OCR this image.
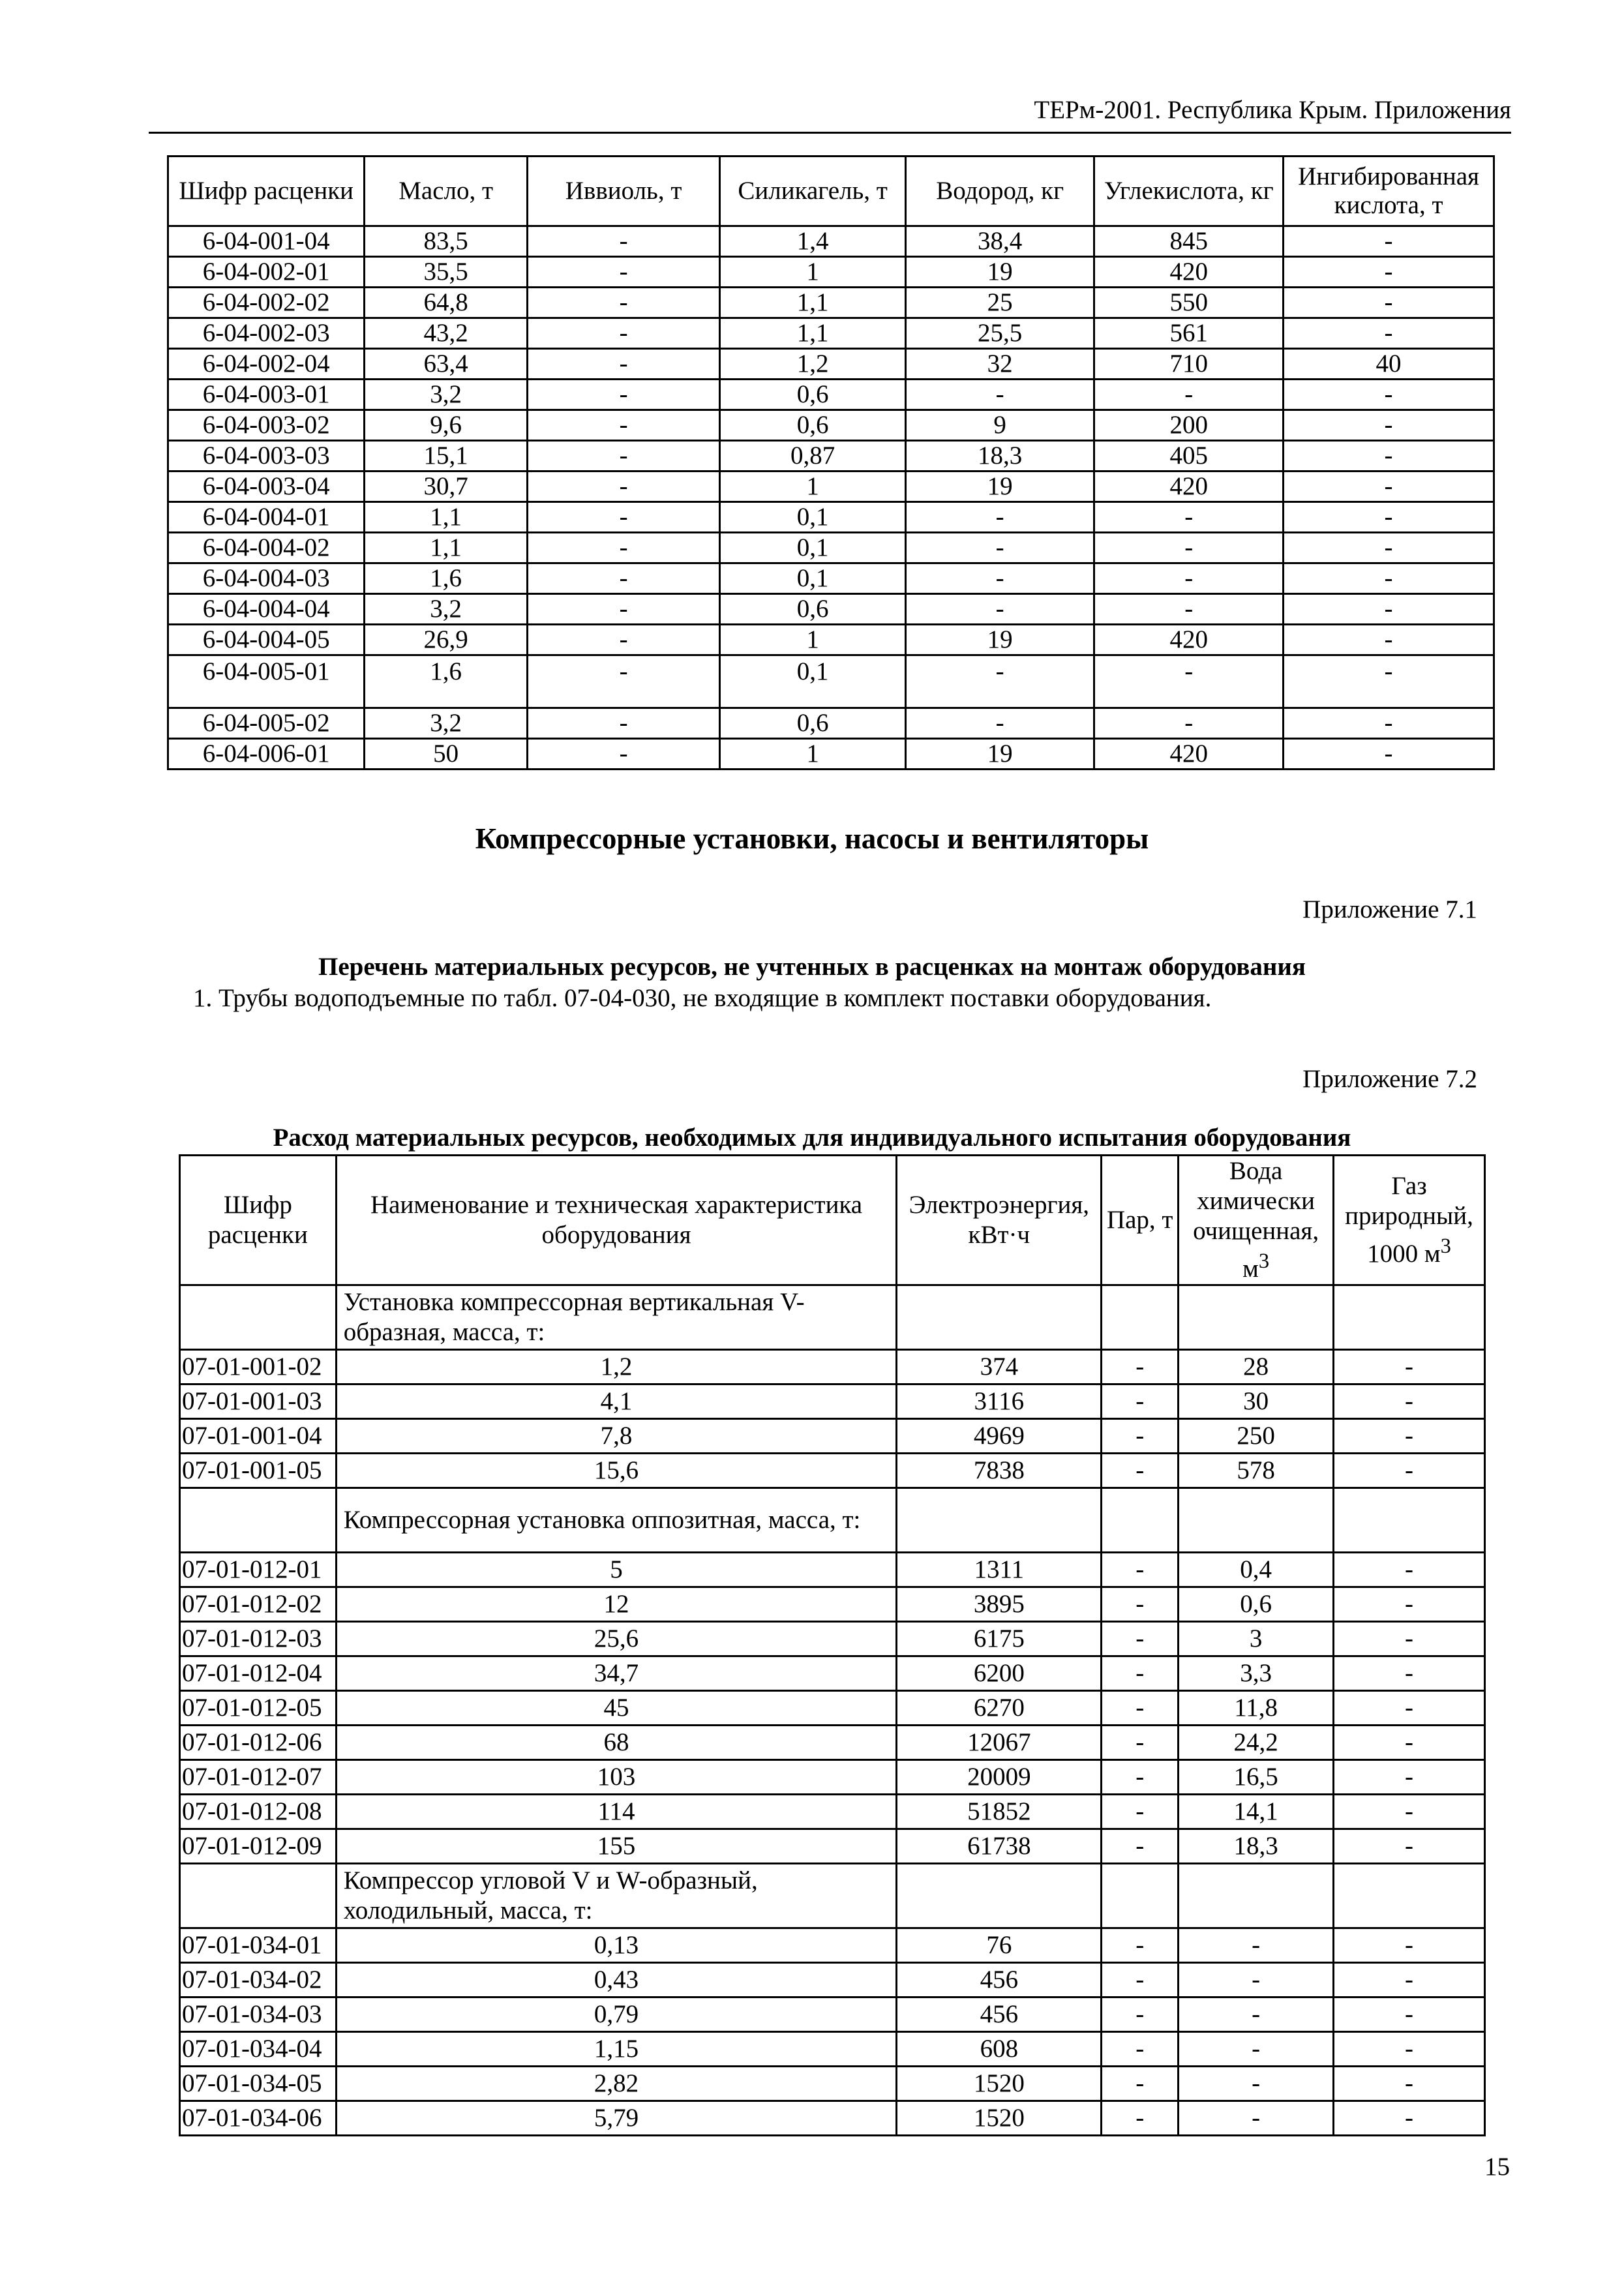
ТЕРм-2001. Республика Крым. Приложения
Шифр расценки	Масло, т	Иввиоль, т	Силикагель, т	Водород, кг	Углекислота, кг	Ингибированная кислота, т
6-04-001-04	83,5	-	1,4	38,4	845	-
6-04-002-01	35,5	-	1	19	420	-
6-04-002-02	64,8	-	1,1	25	550	-
6-04-002-03	43,2	-	1,1	25,5	561	-
6-04-002-04	63,4	-	1,2	32	710	40
6-04-003-01	3,2	-	0,6	-	-	-
6-04-003-02	9,6	-	0,6	9	200	-
6-04-003-03	15,1	-	0,87	18,3	405	-
6-04-003-04	30,7	-	1	19	420	-
6-04-004-01	1,1	-	0,1	-	-	-
6-04-004-02	1,1	-	0,1	-	-	-
6-04-004-03	1,6	-	0,1	-	-	-
6-04-004-04	3,2	-	0,6	-	-	-
6-04-004-05	26,9	-	1	19	420	-
6-04-005-01	1,6	-	0,1	-	-	-
6-04-005-02	3,2	-	0,6	-	-	-
6-04-006-01	50	-	1	19	420	-
Компрессорные установки, насосы и вентиляторы
Приложение 7.1
Перечень материальных ресурсов, не учтенных в расценках на монтаж оборудования
1. Трубы водоподъемные по табл. 07-04-030, не входящие в комплект поставки оборудования.
Приложение 7.2
Расход материальных ресурсов, необходимых для индивидуального испытания оборудования
Шифр расценки	Наименование и техническая характеристика оборудования	Электроэнергия, кВт·ч	Пар, т	Вода химически очищенная, $м^3$	Газ природный, 1000 $м^3$
	Установка компрессорная вертикальная V-образная, масса, т:				
07-01-001-02	1,2	374	-	28	-
07-01-001-03	4,1	3116	-	30	-
07-01-001-04	7,8	4969	-	250	-
07-01-001-05	15,6	7838	-	578	-
	Компрессорная установка оппозитная, масса, т:				
07-01-012-01	5	1311	-	0,4	-
07-01-012-02	12	3895	-	0,6	-
07-01-012-03	25,6	6175	-	3	-
07-01-012-04	34,7	6200	-	3,3	-
07-01-012-05	45	6270	-	11,8	-
07-01-012-06	68	12067	-	24,2	-
07-01-012-07	103	20009	-	16,5	-
07-01-012-08	114	51852	-	14,1	-
07-01-012-09	155	61738	-	18,3	-
	Компрессор угловой V и W-образный, холодильный, масса, т:				
07-01-034-01	0,13	76	-	-	-
07-01-034-02	0,43	456	-	-	-
07-01-034-03	0,79	456	-	-	-
07-01-034-04	1,15	608	-	-	-
07-01-034-05	2,82	1520	-	-	-
07-01-034-06	5,79	1520	-	-	-
15
